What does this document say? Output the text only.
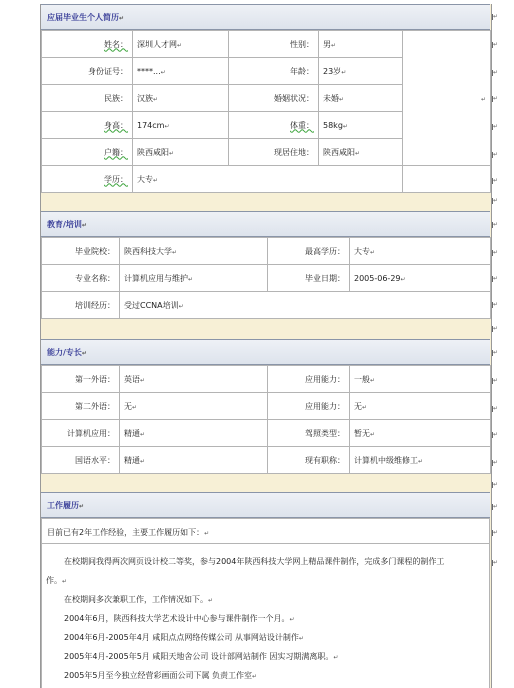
应届毕业生个人简历↵
姓名：	深圳人才网↵	性别：	男↵	↵
身份证号：	****...↵	年龄：	23岁↵	
民族：	汉族↵	婚姻状况：	未婚↵	
身高：	174cm↵	体重：	58kg↵	
户籍：	陕西咸阳↵	现居住地：	陕西咸阳↵	
学历：	大专↵			
教育/培训↵
毕业院校：	陕西科技大学↵	最高学历：	大专↵
专业名称：	计算机应用与维护↵	毕业日期：	2005-06-29↵
培训经历：	受过CCNA培训↵		
能力/专长↵
第一外语：	英语↵	应用能力：	一般↵
第二外语：	无↵	应用能力：	无↵
计算机应用：	精通↵	驾照类型：	暂无↵
国语水平：	精通↵	现有职称：	计算机中级维修工↵
工作履历↵
目前已有2年工作经验，主要工作履历如下：↵
在校期间我得两次网页设计校二等奖，参与2004年陕西科技大学网上精品课件制作，完成多门课程的制作工
作。↵
在校期间多次兼职工作，工作情况如下。↵
2004年6月，陕西科技大学艺术设计中心参与课件制作一个月。↵
2004年6月-2005年4月 咸阳点点网络传媒公司 从事网站设计制作↵
2005年4月-2005年5月 咸阳天地舍公司 设计部网站制作 因实习期满离职。↵
2005年5月至今独立经营彩画面公司下属 负责工作室↵
↵
↵
↵
↵
↵
↵
↵
↵
↵
↵
↵
↵
↵
↵
↵
↵
↵
↵
↵
↵
↵
↵
